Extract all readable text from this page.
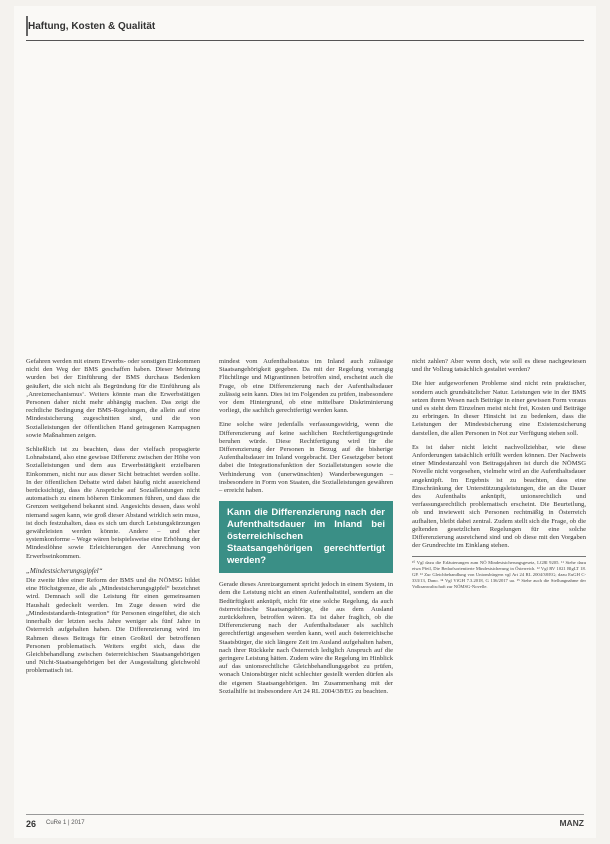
Haftung, Kosten & Qualität

Gefahren werden mit einem Erwerbs- oder sonstigen Einkommen nicht den Weg der BMS geschaffen haben. Dieser Meinung wurden bei der Einführung der BMS durchaus Bedenken geäußert, die sich nicht als Begründung für die Einführung als ‚Anreizmechanismus‘. Weiters könnte man die Erwerbstätigen Personen daher nicht mehr abhängig machen. Das zeigt die rechtliche Bedingung der BMS-Regelungen, die allein auf eine Mindestsicherung zugeschnitten sind, und die von Sozialleistungen der öffentlichen Hand getragenen Kampagnen sowie Maßnahmen zeigen.

Schließlich ist zu beachten, dass der vielfach propagierte Lohnabstand, also eine gewisse Differenz zwischen der Höhe von Sozialleistungen und dem aus Erwerbstätigkeit erzielbaren Einkommen, nicht nur aus dieser Sicht betrachtet werden sollte. In der öffentlichen Debatte wird dabei häufig nicht ausreichend berücksichtigt, dass die Ansprüche auf Sozialleistungen nicht automatisch zu einem höheren Einkommen führen, und dass die Grenzen weitgehend bekannt sind. Angesichts dessen, dass wohl niemand sagen kann, wie groß dieser Abstand wirklich sein muss, ist doch festzuhalten, dass es sich um durch Leistungskürzungen gewährleisten werden könnte. Andere – und eher systemkonforme – Wege wären beispielsweise eine Erhöhung der Mindestlöhne sowie Erleichterungen der Anrechnung von Erwerbseinkommen.

„Mindestsicherungsgipfel“

Die zweite Idee einer Reform der BMS und die NÖMSG bildet eine Höchstgrenze, die als „Mindestsicherungsgipfel“ bezeichnet wird. Demnach soll die Leistung für einen gemeinsamen Haushalt gedeckelt werden. Im Zuge dessen wird die „Mindeststandards-Integration“ für Personen eingeführt, die sich innerhalb der letzten sechs Jahre weniger als fünf Jahre in Österreich aufgehalten haben. Die Differenzierung wird im Rahmen dieses Beitrags für einen Großteil der betroffenen Personen problematisch. Weiters ergibt sich, dass die Gleichbehandlung zwischen österreichischen Staatsangehörigen und Nicht-Staatsangehörigen bei der Ausgestaltung gleichwohl problematisch ist.

mindest vom Aufenthaltsstatus im Inland auch zulässige Staatsangehörigkeit gegeben. Da mit der Regelung vorrangig Flüchtlinge und Migrantinnen betroffen sind, erscheint auch die Frage, ob eine Differenzierung nach der Aufenthaltsdauer zulässig sein kann. Dies ist im Folgenden zu prüfen, insbesondere vor dem Hintergrund, ob eine mittelbare Diskriminierung vorliegt, die sachlich gerechtfertigt werden kann.

Eine solche wäre jedenfalls verfassungswidrig, wenn die Differenzierung auf keine sachlichen Rechtfertigungsgründe beruhen würde. Diese Rechtfertigung wird für die Differenzierung der Personen in Bezug auf die bisherige Aufenthaltsdauer im Inland vorgebracht. Der Gesetzgeber betont dabei die Integrationsfunktion der Sozialleistungen sowie die Verhinderung von (unerwünschten) Wanderbewegungen – insbesondere in Form von Staaten, die Sozialleistungen gewähren – erreicht haben.

Kann die Differenzierung nach der Aufenthaltsdauer im Inland bei österreichischen Staatsangehörigen gerechtfertigt werden?

Gerade dieses Anreizargument spricht jedoch in einem System, in dem die Leistung nicht an einen Aufenthaltstitel, sondern an die Bedürftigkeit anknüpft, nicht für eine solche Regelung, da auch österreichische Staatsangehörige, die aus dem Ausland zurückkehren, betroffen wären. Es ist daher fraglich, ob die Differenzierung nach der Aufenthaltsdauer als sachlich gerechtfertigt angesehen werden kann, weil auch österreichische Staatsbürger, die sich längere Zeit im Ausland aufgehalten haben, nach ihrer Rückkehr nach Österreich lediglich Anspruch auf die geringere Leistung hätten. Zudem wäre die Regelung im Hinblick auf das unionsrechtliche Gleichbehandlungsgebot zu prüfen, wonach Unionsbürger nicht schlechter gestellt werden dürfen als die eigenen Staatsangehörigen. Im Zusammenhang mit der Sozialhilfe ist insbesondere Art 24 RL 2004/38/EG zu beachten.

nicht zahlen? Aber wenn doch, wie soll es diese nachgewiesen und ihr Vollzug tatsächlich gestaltet werden?

Die hier aufgeworfenen Probleme sind nicht rein praktischer, sondern auch grundsätzlicher Natur. Leistungen wie in der BMS setzen ihrem Wesen nach Beiträge in einer gewissen Form voraus und es steht dem Einzelnen meist nicht frei, Kosten und Beiträge zu erbringen. In dieser Hinsicht ist zu bedenken, dass die Leistungen der Mindestsicherung eine Existenzsicherung darstellen, die allen Personen in Not zur Verfügung stehen soll.

Es ist daher nicht leicht nachvollziehbar, wie diese Anforderungen tatsächlich erfüllt werden können. Der Nachweis einer Mindestanzahl von Beitragsjahren ist durch die NÖMSG Novelle nicht vorgesehen, vielmehr wird an die Aufenthaltsdauer angeknüpft. Im Ergebnis ist zu beachten, dass eine Einschränkung der Unterstützungsleistungen, die an die Dauer des Aufenthalts anknüpft, unionsrechtlich und verfassungsrechtlich problematisch erscheint. Die Beurteilung, ob und inwieweit sich Personen rechtmäßig in Österreich aufhalten, bleibt dabei zentral. Zudem stellt sich die Frage, ob die geltenden gesetzlichen Regelungen für eine solche Differenzierung ausreichend sind und ob diese mit den Vorgaben der Grundrechte im Einklang stehen.

¹⁰ Vgl dazu die Erläuterungen zum NÖ Mindestsicherungsgesetz, LGBl 9205. ¹¹ Siehe dazu etwa Pfeil, Die Bedarfsorientierte Mindestsicherung in Österreich. ¹² Vgl RV 1021 BlgLT 18. GP. ¹³ Zur Gleichbehandlung von Unionsbürgern vgl Art 24 RL 2004/38/EG; dazu EuGH C-333/13, Dano. ¹⁴ Vgl VfGH 7.3.2018, G 136/2017 ua. ¹⁵ Siehe auch die Stellungnahme der Volksanwaltschaft zur NÖMSG-Novelle.
26 CuRe 1 | 2017	MANZ
